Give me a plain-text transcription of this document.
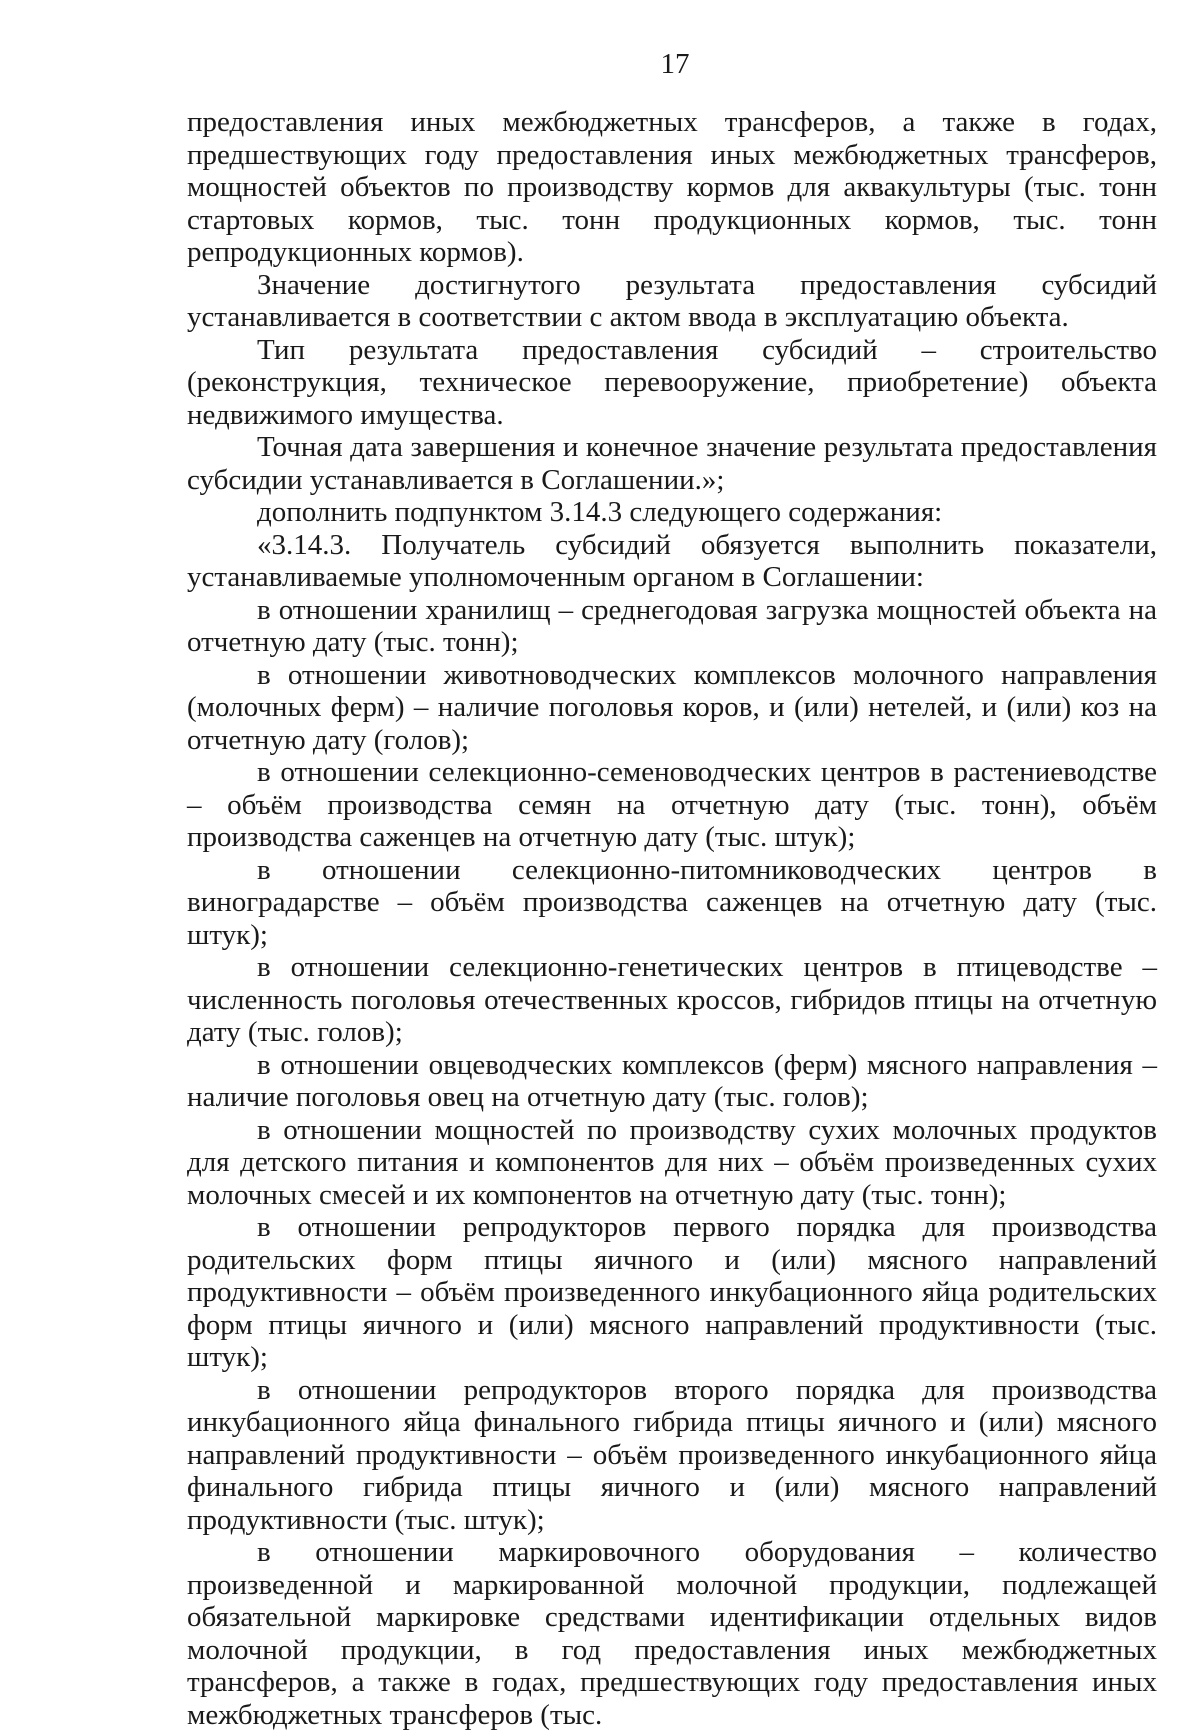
17

предоставления иных межбюджетных трансферов, а также в годах, предшествующих году предоставления иных межбюджетных трансферов, мощностей объектов по производству кормов для аквакультуры (тыс. тонн стартовых кормов, тыс. тонн продукционных кормов, тыс. тонн репродукционных кормов).

Значение достигнутого результата предоставления субсидий устанавливается в соответствии с актом ввода в эксплуатацию объекта.

Тип результата предоставления субсидий – строительство (реконструкция, техническое перевооружение, приобретение) объекта недвижимого имущества.

Точная дата завершения и конечное значение результата предоставления субсидии устанавливается в Соглашении.»;

дополнить подпунктом 3.14.3 следующего содержания:

«3.14.3. Получатель субсидий обязуется выполнить показатели, устанавливаемые уполномоченным органом в Соглашении:

в отношении хранилищ – среднегодовая загрузка мощностей объекта на отчетную дату (тыс. тонн);

в отношении животноводческих комплексов молочного направления (молочных ферм) – наличие поголовья коров, и (или) нетелей, и (или) коз на отчетную дату (голов);

в отношении селекционно-семеноводческих центров в растениеводстве – объём производства семян на отчетную дату (тыс. тонн), объём производства саженцев на отчетную дату (тыс. штук);

в отношении селекционно-питомниководческих центров в виноградарстве – объём производства саженцев на отчетную дату (тыс. штук);

в отношении селекционно-генетических центров в птицеводстве – численность поголовья отечественных кроссов, гибридов птицы на отчетную дату (тыс. голов);

в отношении овцеводческих комплексов (ферм) мясного направления – наличие поголовья овец на отчетную дату (тыс. голов);

в отношении мощностей по производству сухих молочных продуктов для детского питания и компонентов для них – объём произведенных сухих молочных смесей и их компонентов на отчетную дату (тыс. тонн);

в отношении репродукторов первого порядка для производства родительских форм птицы яичного и (или) мясного направлений продуктивности – объём произведенного инкубационного яйца родительских форм птицы яичного и (или) мясного направлений продуктивности (тыс. штук);

в отношении репродукторов второго порядка для производства инкубационного яйца финального гибрида птицы яичного и (или) мясного направлений продуктивности – объём произведенного инкубационного яйца финального гибрида птицы яичного и (или) мясного направлений продуктивности (тыс. штук);

в отношении маркировочного оборудования – количество произведенной и маркированной молочной продукции, подлежащей обязательной маркировке средствами идентификации отдельных видов молочной продукции, в год предоставления иных межбюджетных трансферов, а также в годах, предшествующих году предоставления иных межбюджетных трансферов (тыс.
